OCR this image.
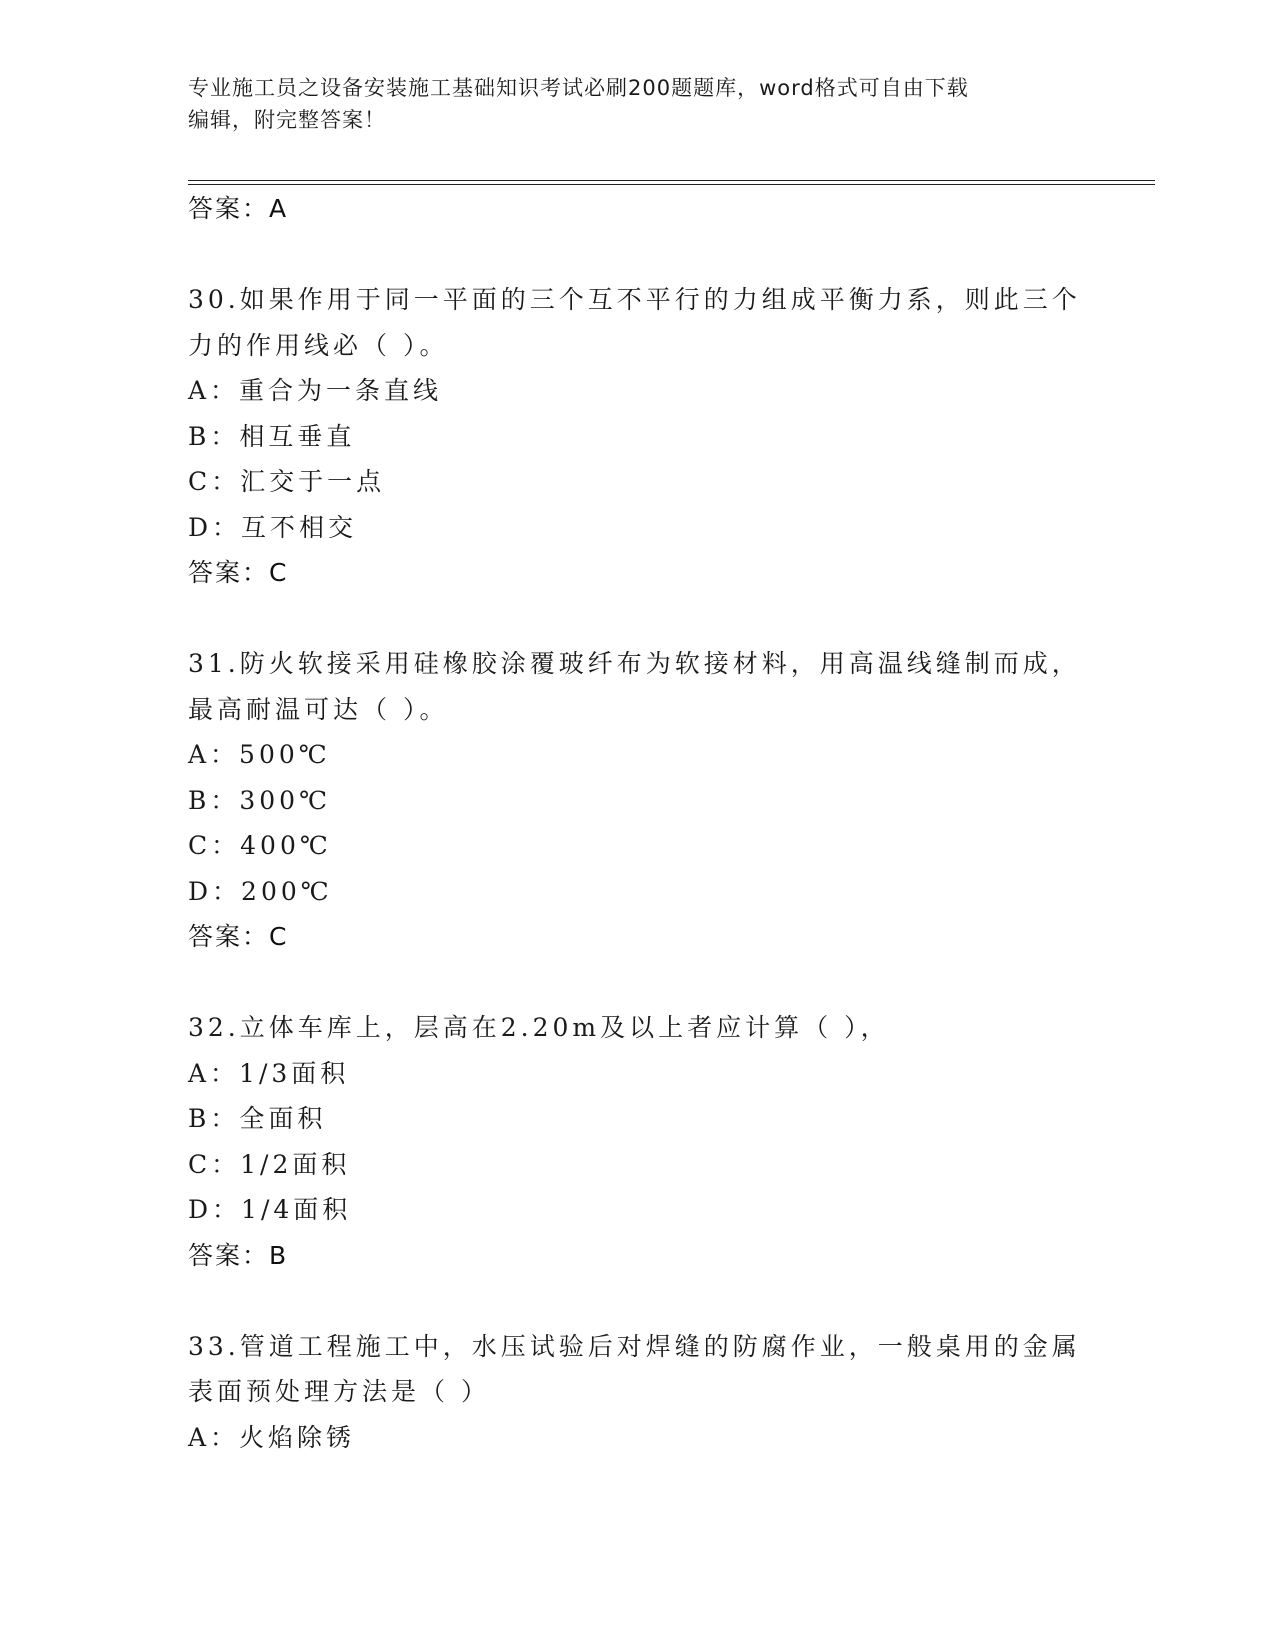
专业施工员之设备安装施工基础知识考试必刷200题题库，word格式可自由下载
编辑，附完整答案！
答案：A
30.如果作用于同一平面的三个互不平行的力组成平衡力系，则此三个
力的作用线必（ ）。
A：重合为一条直线
B：相互垂直
C：汇交于一点
D：互不相交
答案：C
31.防火软接采用硅橡胶涂覆玻纤布为软接材料，用高温线缝制而成，
最高耐温可达（ ）。
A：500℃
B：300℃
C：400℃
D：200℃
答案：C
32.立体车库上，层高在2.20m及以上者应计算（ ），
A：1/3面积
B：全面积
C：1/2面积
D：1/4面积
答案：B
33.管道工程施工中，水压试验后对焊缝的防腐作业，一般桌用的金属
表面预处理方法是（ ）
A：火焰除锈
